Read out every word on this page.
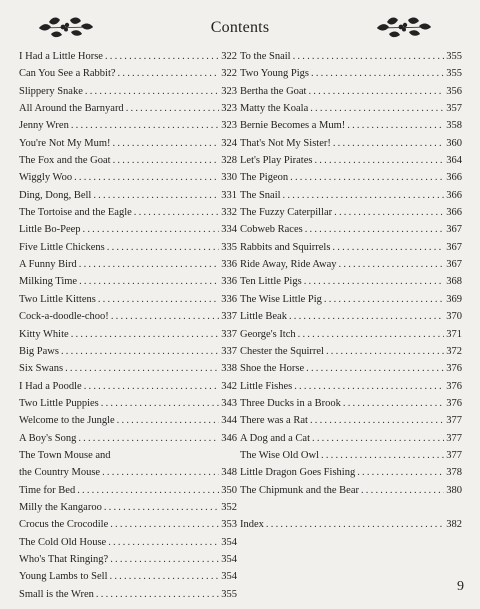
Contents
I Had a Little Horse .....	322
Can You See a Rabbit? .....	322
Slippery Snake .....	323
All Around the Barnyard .....	323
Jenny Wren .....	323
You're Not My Mum! .....	324
The Fox and the Goat .....	328
Wiggly Woo .....	330
Ding, Dong, Bell .....	331
The Tortoise and the Eagle .....	332
Little Bo-Peep .....	334
Five Little Chickens .....	335
A Funny Bird .....	336
Milking Time .....	336
Two Little Kittens .....	336
Cock-a-doodle-choo! .....	337
Kitty White .....	337
Big Paws .....	337
Six Swans .....	338
I Had a Poodle .....	342
Two Little Puppies .....	343
Welcome to the Jungle .....	344
A Boy's Song .....	346
The Town Mouse and
the Country Mouse .....	348
Time for Bed .....	350
Milly the Kangaroo .....	352
Crocus the Crocodile .....	353
The Cold Old House .....	354
Who's That Ringing? .....	354
Young Lambs to Sell .....	354
Small is the Wren .....	355
To the Snail .....	355
Two Young Pigs .....	355
Bertha the Goat .....	356
Matty the Koala .....	357
Bernie Becomes a Mum! .....	358
That's Not My Sister! .....	360
Let's Play Pirates .....	364
The Pigeon .....	366
The Snail .....	366
The Fuzzy Caterpillar .....	366
Cobweb Races .....	367
Rabbits and Squirrels .....	367
Ride Away, Ride Away .....	367
Ten Little Pigs .....	368
The Wise Little Pig .....	369
Little Beak .....	370
George's Itch .....	371
Chester the Squirrel .....	372
Shoe the Horse .....	376
Little Fishes .....	376
Three Ducks in a Brook .....	376
There was a Rat .....	377
A Dog and a Cat .....	377
The Wise Old Owl .....	377
Little Dragon Goes Fishing .....	378
The Chipmunk and the Bear .....	380
Index .....	382
9
